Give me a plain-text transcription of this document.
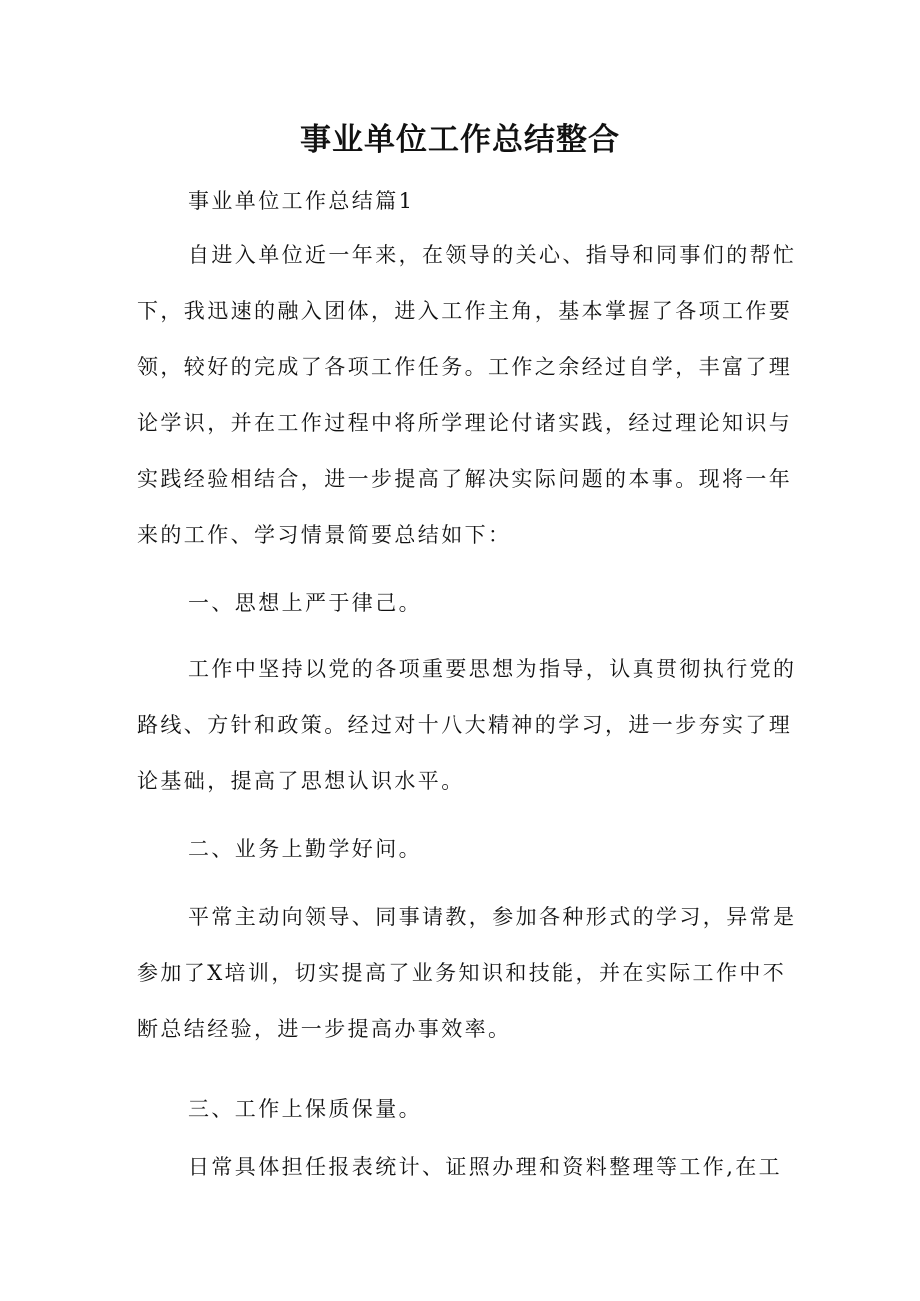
事业单位工作总结整合
事业单位工作总结篇1
自进入单位近一年来，在领导的关心、指导和同事们的帮忙
下，我迅速的融入团体，进入工作主角，基本掌握了各项工作要
领，较好的完成了各项工作任务。工作之余经过自学，丰富了理
论学识，并在工作过程中将所学理论付诸实践，经过理论知识与
实践经验相结合，进一步提高了解决实际问题的本事。现将一年
来的工作、学习情景简要总结如下：
一、思想上严于律己。
工作中坚持以党的各项重要思想为指导，认真贯彻执行党的
路线、方针和政策。经过对十八大精神的学习，进一步夯实了理
论基础，提高了思想认识水平。
二、业务上勤学好问。
平常主动向领导、同事请教，参加各种形式的学习，异常是
参加了X培训，切实提高了业务知识和技能，并在实际工作中不
断总结经验，进一步提高办事效率。
三、工作上保质保量。
日常具体担任报表统计、证照办理和资料整理等工作,在工
